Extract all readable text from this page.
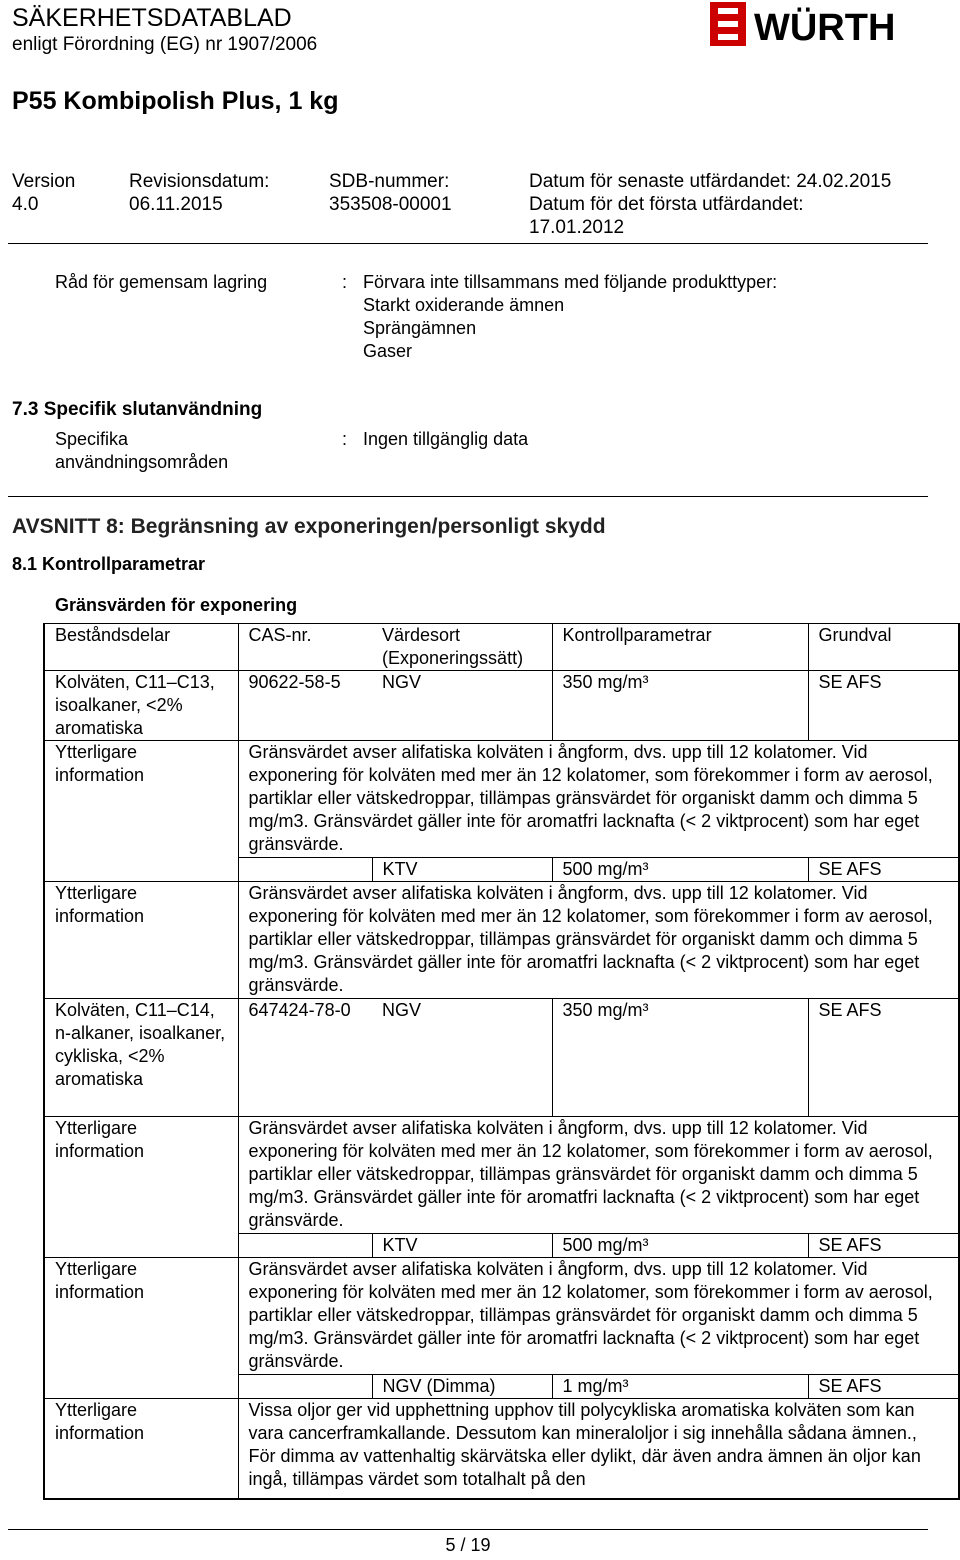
SÄKERHETSDATABLAD
enligt Förordning (EG) nr 1907/2006	WÜRTH
P55 Kombipolish Plus, 1 kg
Version
4.0
Revisionsdatum:
06.11.2015
SDB-nummer:
353508-00001
Datum för senaste utfärdandet: 24.02.2015
Datum för det första utfärdandet:
17.01.2012
Råd för gemensam lagring	: Förvara inte tillsammans med följande produkttyper:
Starkt oxiderande ämnen
Sprängämnen
Gaser
7.3 Specifik slutanvändning
Specifika
användningsområden
: Ingen tillgänglig data
AVSNITT 8: Begränsning av exponeringen/personligt skydd
8.1 Kontrollparametrar
Gränsvärden för exponering
Beståndsdelar	CAS-nr.	Värdesort (Exponeringssätt)	Kontrollparametrar	Grundval
Kolväten, C11–C13, isoalkaner, <2% aromatiska	90622-58-5	NGV	350 mg/m³	SE AFS
Ytterligare information	Gränsvärdet avser alifatiska kolväten i ångform, dvs. upp till 12 kolatomer. Vid exponering för kolväten med mer än 12 kolatomer, som förekommer i form av aerosol, partiklar eller vätskedroppar, tillämpas gränsvärdet för organiskt damm och dimma 5 mg/m3. Gränsvärdet gäller inte för aromatfri lacknafta (< 2 viktprocent) som har eget gränsvärde.			
		KTV	500 mg/m³	SE AFS
Ytterligare information	Gränsvärdet avser alifatiska kolväten i ångform, dvs. upp till 12 kolatomer. Vid exponering för kolväten med mer än 12 kolatomer, som förekommer i form av aerosol, partiklar eller vätskedroppar, tillämpas gränsvärdet för organiskt damm och dimma 5 mg/m3. Gränsvärdet gäller inte för aromatfri lacknafta (< 2 viktprocent) som har eget gränsvärde.			
Kolväten, C11–C14, n-alkaner, isoalkaner, cykliska, <2% aromatiska	647424-78-0	NGV	350 mg/m³	SE AFS
Ytterligare information	Gränsvärdet avser alifatiska kolväten i ångform, dvs. upp till 12 kolatomer. Vid exponering för kolväten med mer än 12 kolatomer, som förekommer i form av aerosol, partiklar eller vätskedroppar, tillämpas gränsvärdet för organiskt damm och dimma 5 mg/m3. Gränsvärdet gäller inte för aromatfri lacknafta (< 2 viktprocent) som har eget gränsvärde.			
		KTV	500 mg/m³	SE AFS
Ytterligare information	Gränsvärdet avser alifatiska kolväten i ångform, dvs. upp till 12 kolatomer. Vid exponering för kolväten med mer än 12 kolatomer, som förekommer i form av aerosol, partiklar eller vätskedroppar, tillämpas gränsvärdet för organiskt damm och dimma 5 mg/m3. Gränsvärdet gäller inte för aromatfri lacknafta (< 2 viktprocent) som har eget gränsvärde.			
		NGV (Dimma)	1 mg/m³	SE AFS
Ytterligare information	Vissa oljor ger vid upphettning upphov till polycykliska aromatiska kolväten som kan vara cancerframkallande. Dessutom kan mineraloljor i sig innehålla sådana ämnen., För dimma av vattenhaltig skärvätska eller dylikt, där även andra ämnen än oljor kan ingå, tillämpas värdet som totalhalt på den			
5 / 19
